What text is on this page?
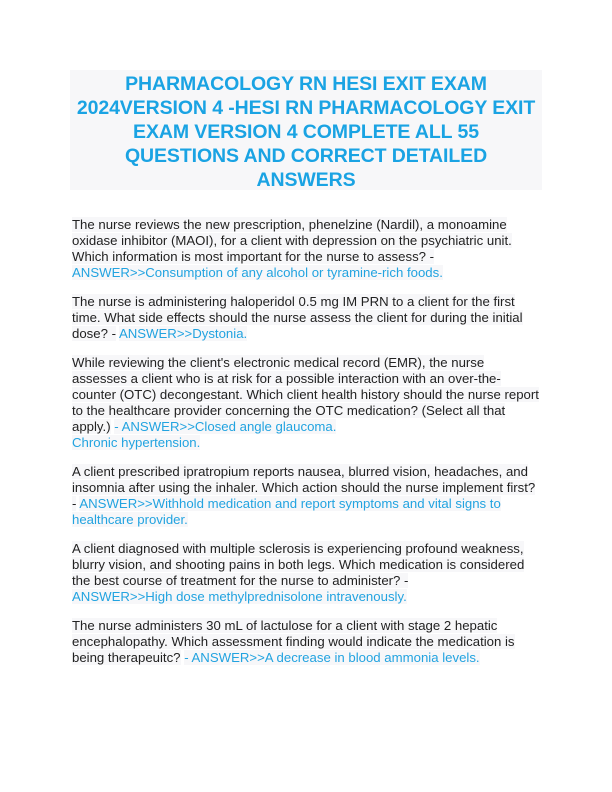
PHARMACOLOGY RN HESI EXIT EXAM 2024VERSION 4 -HESI RN PHARMACOLOGY EXIT EXAM VERSION 4 COMPLETE ALL 55 QUESTIONS AND CORRECT DETAILED ANSWERS

The nurse reviews the new prescription, phenelzine (Nardil), a monoamine oxidase inhibitor (MAOI), for a client with depression on the psychiatric unit. Which information is most important for the nurse to assess? -
ANSWER>>Consumption of any alcohol or tyramine-rich foods.

The nurse is administering haloperidol 0.5 mg IM PRN to a client for the first time. What side effects should the nurse assess the client for during the initial dose? - ANSWER>>Dystonia.

While reviewing the client's electronic medical record (EMR), the nurse assesses a client who is at risk for a possible interaction with an over-the-counter (OTC) decongestant. Which client health history should the nurse report to the healthcare provider concerning the OTC medication? (Select all that apply.) - ANSWER>>Closed angle glaucoma.
Chronic hypertension.

A client prescribed ipratropium reports nausea, blurred vision, headaches, and insomnia after using the inhaler. Which action should the nurse implement first? - ANSWER>>Withhold medication and report symptoms and vital signs to healthcare provider.

A client diagnosed with multiple sclerosis is experiencing profound weakness, blurry vision, and shooting pains in both legs. Which medication is considered the best course of treatment for the nurse to administer? -
ANSWER>>High dose methylprednisolone intravenously.

The nurse administers 30 mL of lactulose for a client with stage 2 hepatic encephalopathy. Which assessment finding would indicate the medication is being therapeuitc? - ANSWER>>A decrease in blood ammonia levels.
